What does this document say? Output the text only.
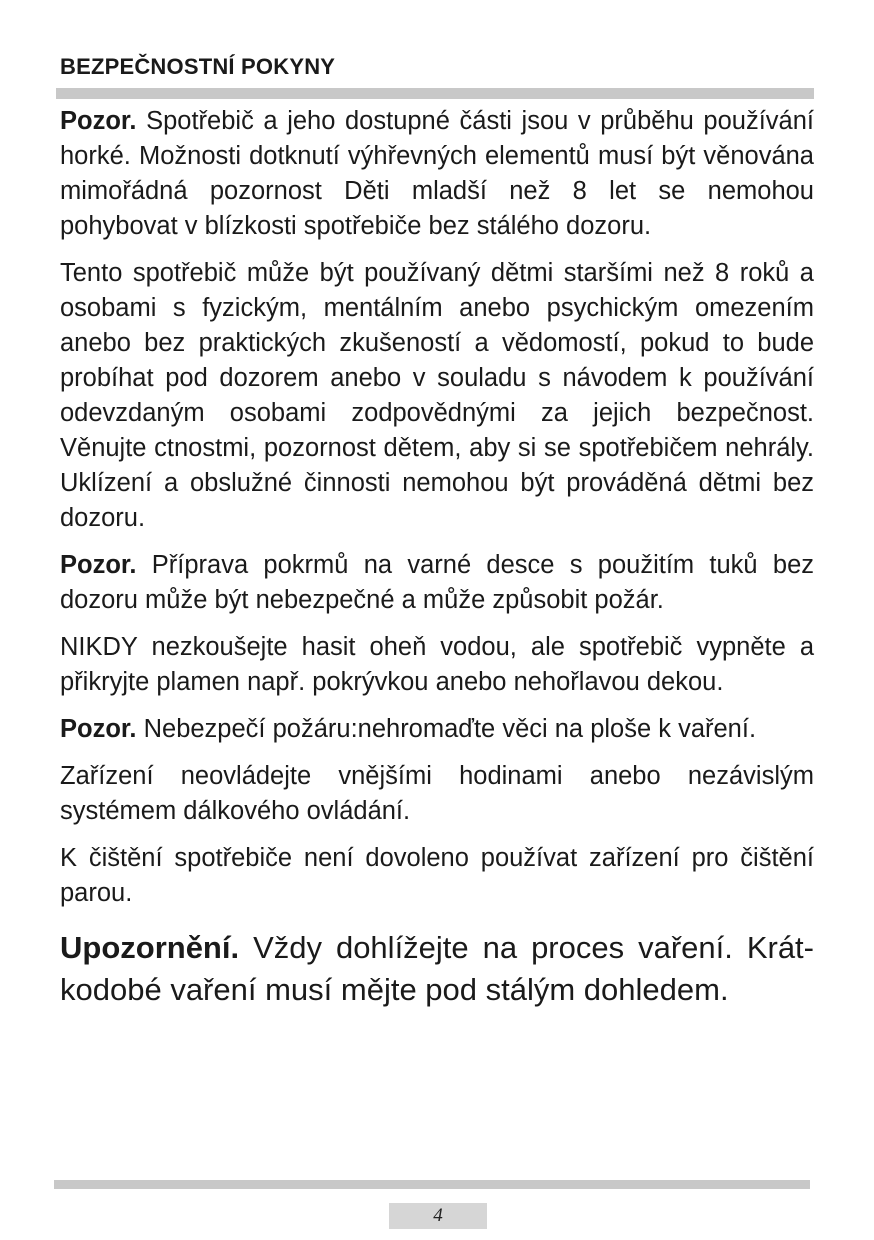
BEZPEČNOSTNÍ POKYNY

Pozor. Spotřebič a jeho dostupné části jsou v průběhu používání horké. Možnosti dotknutí výhřevných elementů musí být věnována mimořádná pozornost Děti mladší než 8 let se nemohou pohybovat v blízkosti spotřebiče bez stálého dozoru.

Tento spotřebič může být používaný dětmi staršími než 8 roků a osobami s fyzickým, mentálním anebo psychickým omezením anebo bez praktických zkušeností a vědomostí, pokud to bude probíhat pod dozorem anebo v souladu s návodem k používání odevzdaným osobami zodpovědnými za jejich bezpečnost. Věnujte ctnostmi, pozornost dětem, aby si se spotřebičem nehrály. Uklízení a obslužné činnosti nemohou být prováděná dětmi bez dozoru.

Pozor. Příprava pokrmů na varné desce s použitím tuků bez dozoru může být nebezpečné a může způsobit požár.

NIKDY nezkoušejte hasit oheň vodou, ale spotřebič vypněte a přikryjte plamen např. pokrývkou anebo nehořlavou dekou.

Pozor. Nebezpečí požáru:nehromaďte věci na ploše k vaření.

Zařízení neovládejte vnějšími hodinami anebo nezávislým systémem dálkového ovládání.

K čištění spotřebiče není dovoleno používat zařízení pro čištění parou.

Upozornění. Vždy dohlížejte na proces vaření. Krátkodobé vaření musí mějte pod stálým dohledem.

4
